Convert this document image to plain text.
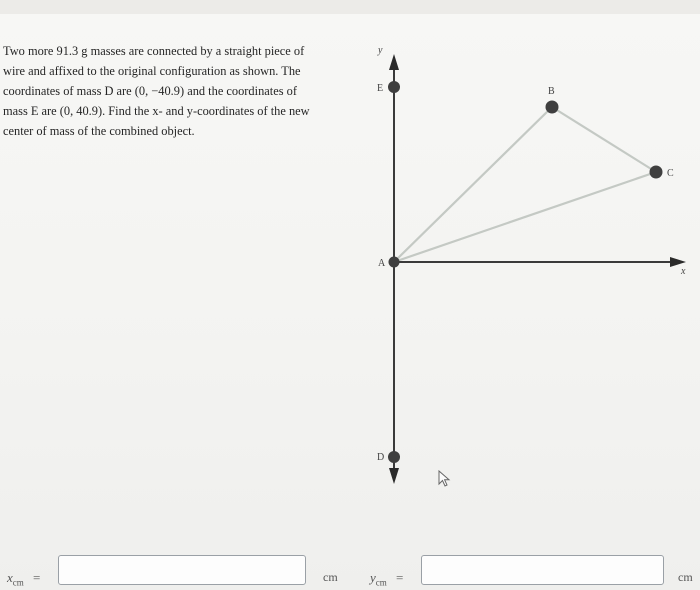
Two more 91.3 g masses are connected by a straight piece of
wire and affixed to the original configuration as shown. The
coordinates of mass D are (0, −40.9) and the coordinates of
mass E are (0, 40.9). Find the x- and y-coordinates of the new
center of mass of the combined object.
y
x
A
B
C
D
E
$x_{cm}$ =	cm $y_{cm}$ =	cm
